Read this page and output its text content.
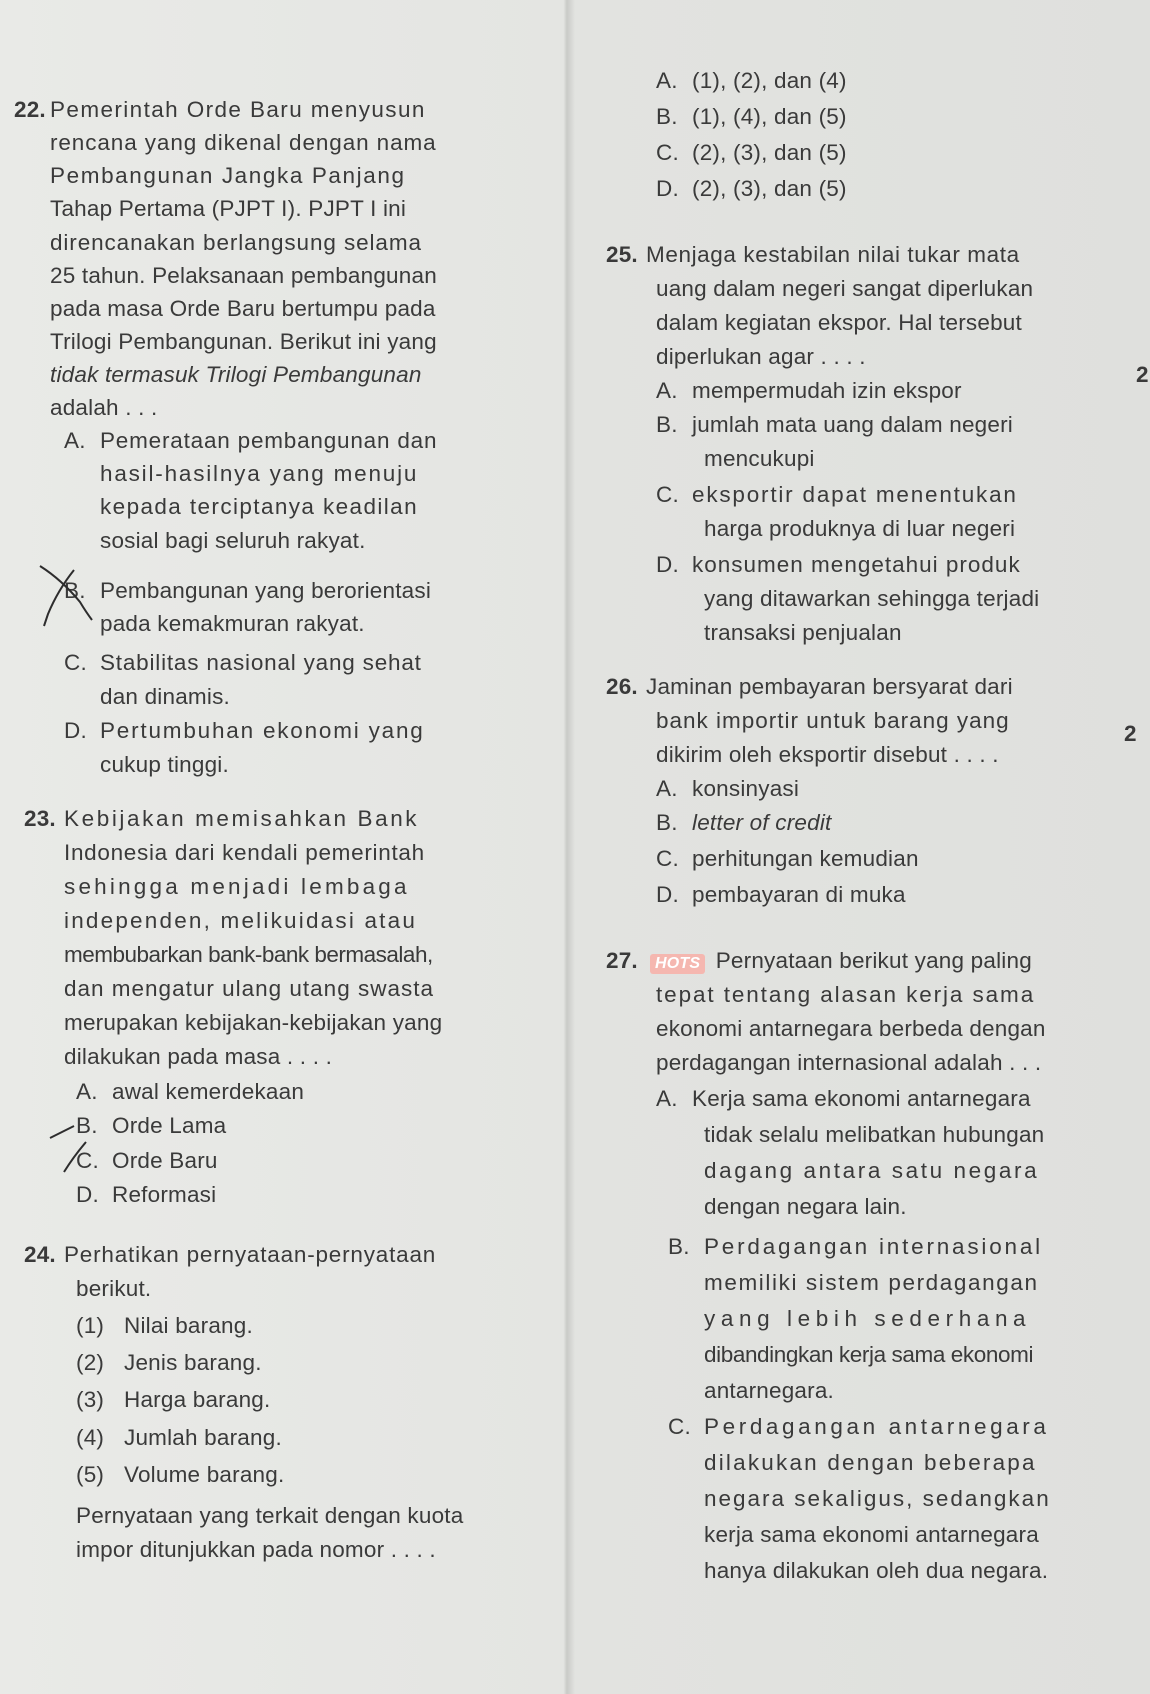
22. Pemerintah Orde Baru menyusun
rencana yang dikenal dengan nama
Pembangunan Jangka Panjang
Tahap Pertama (PJPT I). PJPT I ini
direncanakan berlangsung selama
25 tahun. Pelaksanaan pembangunan
pada masa Orde Baru bertumpu pada
Trilogi Pembangunan. Berikut ini yang
tidak termasuk Trilogi Pembangunan
adalah . . .
A. Pemerataan pembangunan dan
hasil-hasilnya yang menuju
kepada terciptanya keadilan
sosial bagi seluruh rakyat.
B. Pembangunan yang berorientasi
pada kemakmuran rakyat.
C. Stabilitas nasional yang sehat
dan dinamis.
D. Pertumbuhan ekonomi yang
cukup tinggi.
23. Kebijakan memisahkan Bank
Indonesia dari kendali pemerintah
sehingga menjadi lembaga
independen, melikuidasi atau
membubarkan bank-bank bermasalah,
dan mengatur ulang utang swasta
merupakan kebijakan-kebijakan yang
dilakukan pada masa . . . .
A. awal kemerdekaan
B. Orde Lama
C. Orde Baru
D. Reformasi
24. Perhatikan pernyataan-pernyataan
berikut.
(1) Nilai barang.
(2) Jenis barang.
(3) Harga barang.
(4) Jumlah barang.
(5) Volume barang.
Pernyataan yang terkait dengan kuota
impor ditunjukkan pada nomor . . . .
A. (1), (2), dan (4)
B. (1), (4), dan (5)
C. (2), (3), dan (5)
D. (2), (3), dan (5)
25. Menjaga kestabilan nilai tukar mata
uang dalam negeri sangat diperlukan
dalam kegiatan ekspor. Hal tersebut
diperlukan agar . . . .
A. mempermudah izin ekspor
B. jumlah mata uang dalam negeri
mencukupi
C. eksportir dapat menentukan
harga produknya di luar negeri
D. konsumen mengetahui produk
yang ditawarkan sehingga terjadi
transaksi penjualan
26. Jaminan pembayaran bersyarat dari
bank importir untuk barang yang
dikirim oleh eksportir disebut . . . .
A. konsinyasi
B. letter of credit
C. perhitungan kemudian
D. pembayaran di muka
27.	HOTS Pernyataan berikut yang paling
tepat tentang alasan kerja sama
ekonomi antarnegara berbeda dengan
perdagangan internasional adalah . . .
A. Kerja sama ekonomi antarnegara
tidak selalu melibatkan hubungan
dagang antara satu negara
dengan negara lain.
B. Perdagangan internasional
memiliki sistem perdagangan
yang lebih sederhana
dibandingkan kerja sama ekonomi
antarnegara.
C. Perdagangan antarnegara
dilakukan dengan beberapa
negara sekaligus, sedangkan
kerja sama ekonomi antarnegara
hanya dilakukan oleh dua negara.
2
2
